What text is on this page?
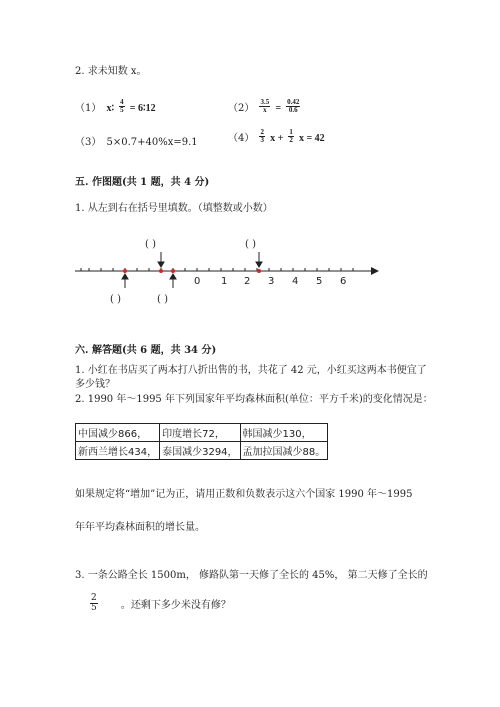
2. 求未知数 x。
（1） x∶ $\frac{4}{5}$ = 6∶12	$(2) \frac{3.5}{x} = \frac{0.42}{0.6}$
（3） 5×0.7+40%x=9.1	$(4) \frac{2}{3}$ $x + \frac{1}{2}$ x = 42
五. 作图题(共 1 题，共 4 分)
1. 从左到右在括号里填数。（填整数或小数）
0 1 2 3 4 5 6
( )	( )
( )	( )
六. 解答题(共 6 题，共 34 分)
1. 小红在书店买了两本打八折出售的书，共花了 42 元，小红买这两本书便宜了
多少钱？
2. 1990 年～1995 年下列国家年平均森林面积(单位：平方千米)的变化情况是：
中国减少866，	印度增长72，	韩国减少130，
新西兰增长434，	泰国减少3294，	孟加拉国减少88。
如果规定将“增加”记为正，请用正数和负数表示这六个国家 1990 年～1995
年年平均森林面积的增长量。
3. 一条公路全长 1500m， 修路队第一天修了全长的 45%， 第二天修了全长的
$\frac{2}{5}$ 。还剩下多少米没有修？
